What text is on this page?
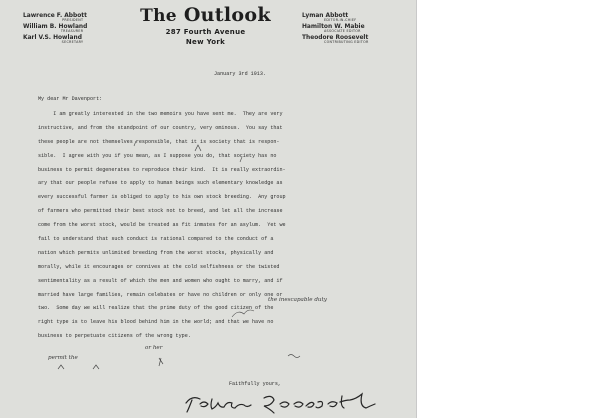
Lawrence F. Abbott
PRESIDENT
William B. Howland
TREASURER
Karl V.S. Howland
SECRETARY
The Outlook
287 Fourth Avenue
New York
Lyman Abbott
EDITOR-IN-CHIEF
Hamilton W. Mabie
ASSOCIATE EDITOR
Theodore Roosevelt
CONTRIBUTING EDITOR
January 3rd 1913.
My dear Mr Davenport:
I am greatly interested in the two memoirs you have sent me.  They are very
instructive, and from the standpoint of our country, very ominous.  You say that
these people are not themselves responsible, that it is society that is respon-
sible.  I agree with you if you mean, as I suppose you do, that society has no
business to permit degenerates to reproduce their kind.  It is really extraordin-
ary that our people refuse to apply to human beings such elementary knowledge as
every successful farmer is obliged to apply to his own stock breeding.  Any group
of farmers who permitted their best stock not to breed, and let all the increase
come from the worst stock, would be treated as fit inmates for an asylum.  Yet we
fail to understand that such conduct is rational compared to the conduct of a
nation which permits unlimited breeding from the worst stocks, physically and
morally, while it encourages or connives at the cold selfishness or the twisted
sentimentality as a result of which the men and women who ought to marry, and if
married have large families, remain celebates or have no children or only one or
two.  Some day we will realize that the prime duty of the good citizen of the
right type is to leave his blood behind him in the world; and that we have no
business to perpetuate citizens of the wrong type.
the inescapable duty
permit the
or her
Faithfully yours,
